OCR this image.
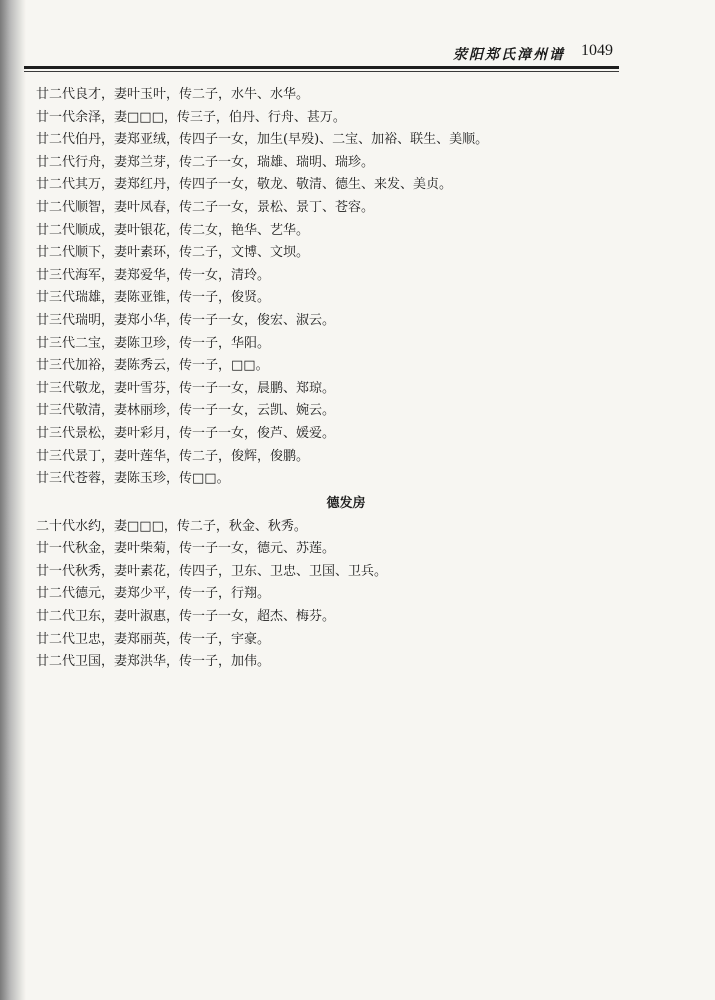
荥阳郑氏漳州谱 1049
廿二代良才，妻叶玉叶，传二子，水牛、水华。
廿一代余泽，妻□□□，传三子，伯丹、行舟、甚万。
廿二代伯丹，妻郑亚绒，传四子一女，加生(早殁)、二宝、加裕、联生、美顺。
廿二代行舟，妻郑兰芽，传二子一女，瑞雄、瑞明、瑞珍。
廿二代其万，妻郑红丹，传四子一女，敬龙、敬清、德生、来发、美贞。
廿二代顺智，妻叶凤春，传二子一女，景松、景丁、苍容。
廿二代顺成，妻叶银花，传二女，艳华、艺华。
廿二代顺下，妻叶素环，传二子，文博、文坝。
廿三代海军，妻郑爱华，传一女，清玲。
廿三代瑞雄，妻陈亚锥，传一子，俊贤。
廿三代瑞明，妻郑小华，传一子一女，俊宏、淑云。
廿三代二宝，妻陈卫珍，传一子，华阳。
廿三代加裕，妻陈秀云，传一子，□□。
廿三代敬龙，妻叶雪芬，传一子一女，晨鹏、郑琼。
廿三代敬清，妻林丽珍，传一子一女，云凯、婉云。
廿三代景松，妻叶彩月，传一子一女，俊芦、媛爱。
廿三代景丁，妻叶莲华，传二子，俊辉，俊鹏。
廿三代苍蓉，妻陈玉珍，传□□。
德发房
二十代水约，妻□□□，传二子，秋金、秋秀。
廿一代秋金，妻叶柴菊，传一子一女，德元、苏莲。
廿一代秋秀，妻叶素花，传四子，卫东、卫忠、卫国、卫兵。
廿二代德元，妻郑少平，传一子，行翔。
廿二代卫东，妻叶淑惠，传一子一女，超杰、梅芬。
廿二代卫忠，妻郑丽英，传一子，宇豪。
廿二代卫国，妻郑洪华，传一子，加伟。
